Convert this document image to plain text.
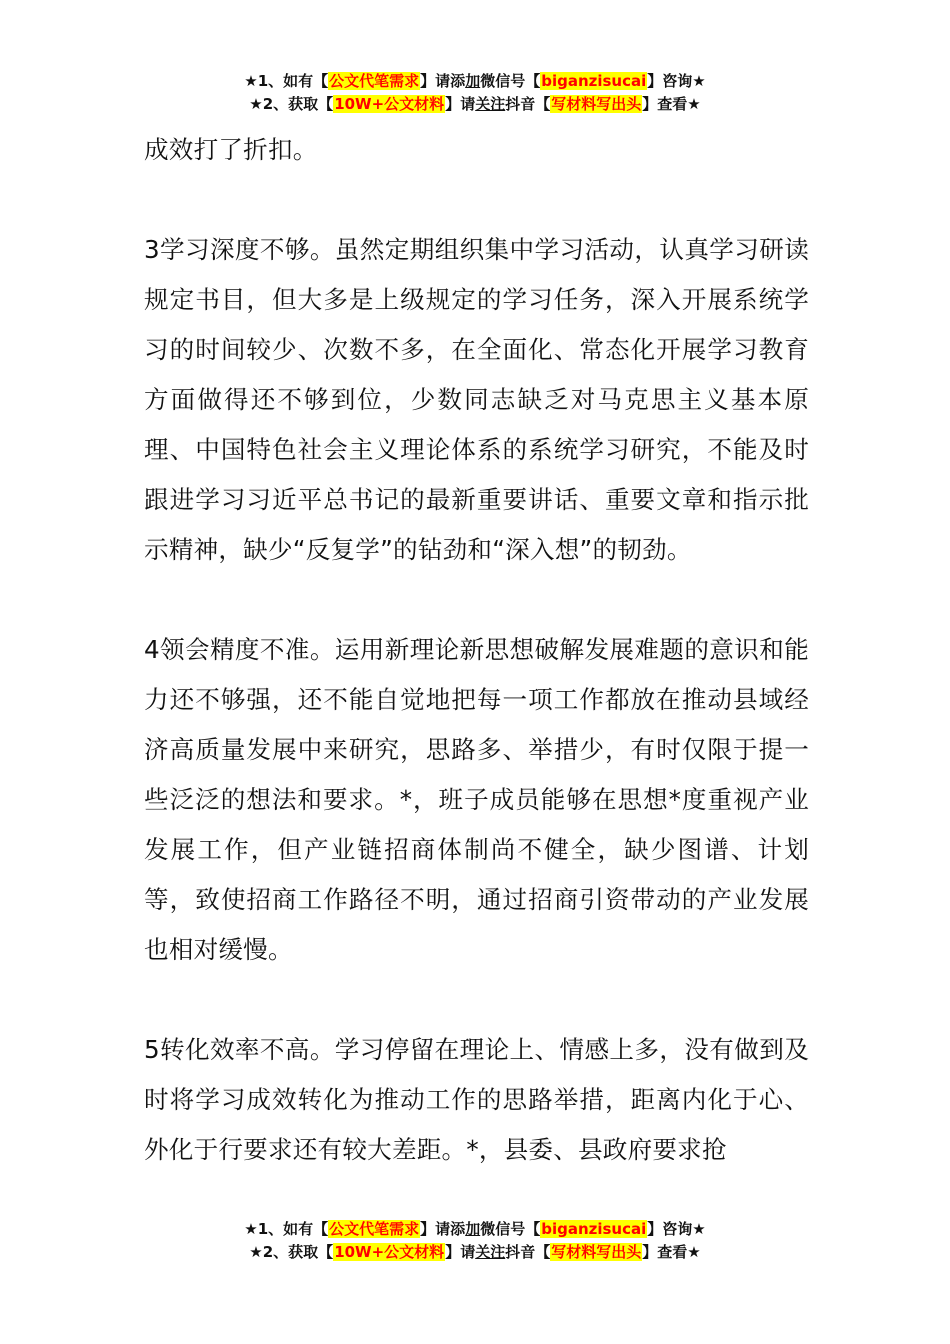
★1、如有【公文代笔需求】请添加微信号【biganzisucai】咨询★
★2、获取【10W+公文材料】请关注抖音【写材料写出头】查看★

成效打了折扣。

3学习深度不够。虽然定期组织集中学习活动，认真学习研读规定书目，但大多是上级规定的学习任务，深入开展系统学习的时间较少、次数不多，在全面化、常态化开展学习教育方面做得还不够到位，少数同志缺乏对马克思主义基本原理、中国特色社会主义理论体系的系统学习研究，不能及时跟进学习习近平总书记的最新重要讲话、重要文章和指示批示精神，缺少“反复学”的钻劲和“深入想”的韧劲。

4领会精度不准。运用新理论新思想破解发展难题的意识和能力还不够强，还不能自觉地把每一项工作都放在推动县域经济高质量发展中来研究，思路多、举措少，有时仅限于提一些泛泛的想法和要求。*，班子成员能够在思想*度重视产业发展工作，但产业链招商体制尚不健全，缺少图谱、计划等，致使招商工作路径不明，通过招商引资带动的产业发展也相对缓慢。

5转化效率不高。学习停留在理论上、情感上多，没有做到及时将学习成效转化为推动工作的思路举措，距离内化于心、外化于行要求还有较大差距。*，县委、县政府要求抢

★1、如有【公文代笔需求】请添加微信号【biganzisucai】咨询★
★2、获取【10W+公文材料】请关注抖音【写材料写出头】查看★
